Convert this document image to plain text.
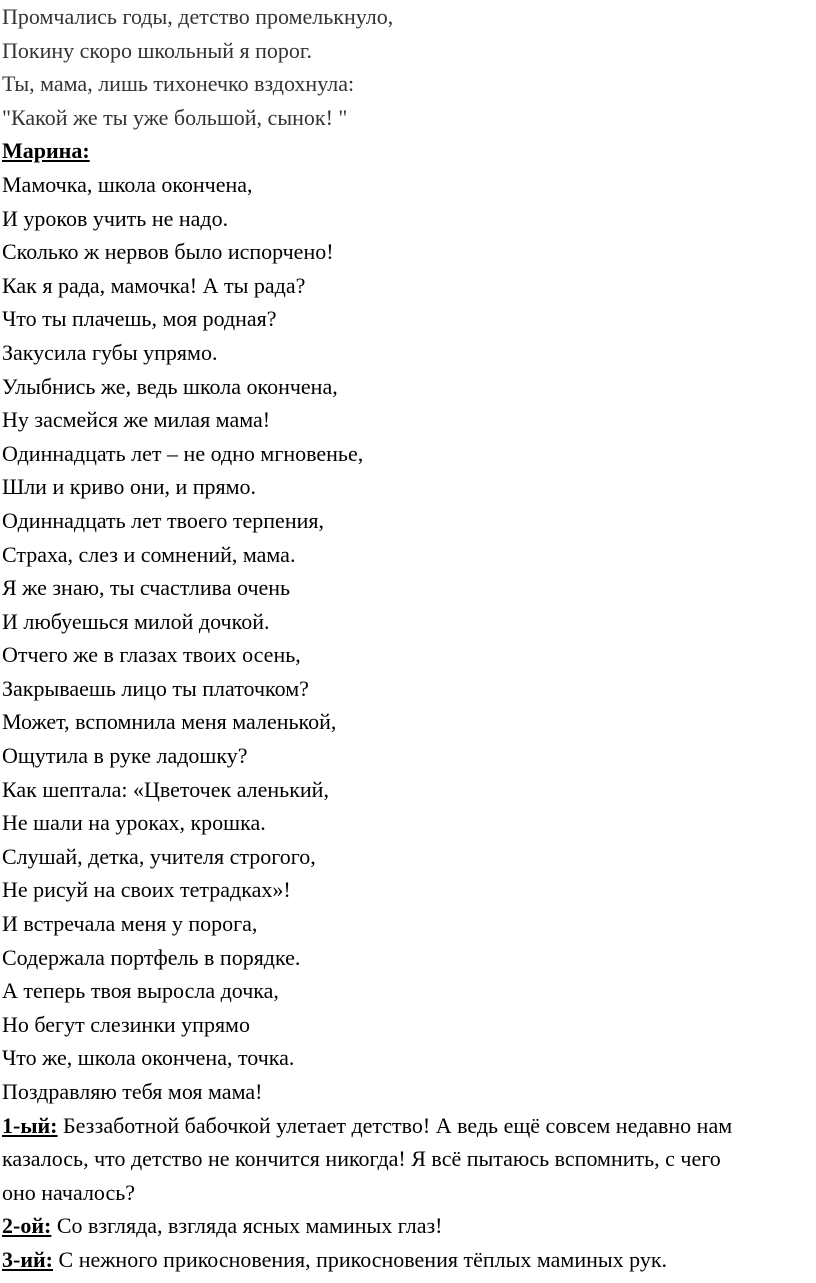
Промчались годы, детство промелькнуло,
Покину скоро школьный я порог.
Ты, мама, лишь тихонечко вздохнула:
"Какой же ты уже большой, сынок! "
Марина:
Мамочка, школа окончена,
И уроков учить не надо.
Сколько ж нервов было испорчено!
Как я рада, мамочка! А ты рада?
Что ты плачешь, моя родная?
Закусила губы упрямо.
Улыбнись же, ведь школа окончена,
Ну засмейся же милая мама!
Одиннадцать лет – не одно мгновенье,
Шли и криво они, и прямо.
Одиннадцать лет твоего терпения,
Страха, слез и сомнений, мама.
Я же знаю, ты счастлива очень
И любуешься милой дочкой.
Отчего же в глазах твоих осень,
Закрываешь лицо ты платочком?
Может, вспомнила меня маленькой,
Ощутила в руке ладошку?
Как шептала: «Цветочек аленький,
Не шали на уроках, крошка.
Слушай, детка, учителя строгого,
Не рисуй на своих тетрадках»!
И встречала меня у порога,
Содержала портфель в порядке.
А теперь твоя выросла дочка,
Но бегут слезинки упрямо
Что же, школа окончена, точка.
Поздравляю тебя моя мама!
1-ый: Беззаботной бабочкой улетает детство! А ведь ещё совсем недавно нам
казалось, что детство не кончится никогда! Я всё пытаюсь вспомнить, с чего
оно началось?
2-ой: Со взгляда, взгляда ясных маминых глаз!
3-ий: С нежного прикосновения, прикосновения тёплых маминых рук.
